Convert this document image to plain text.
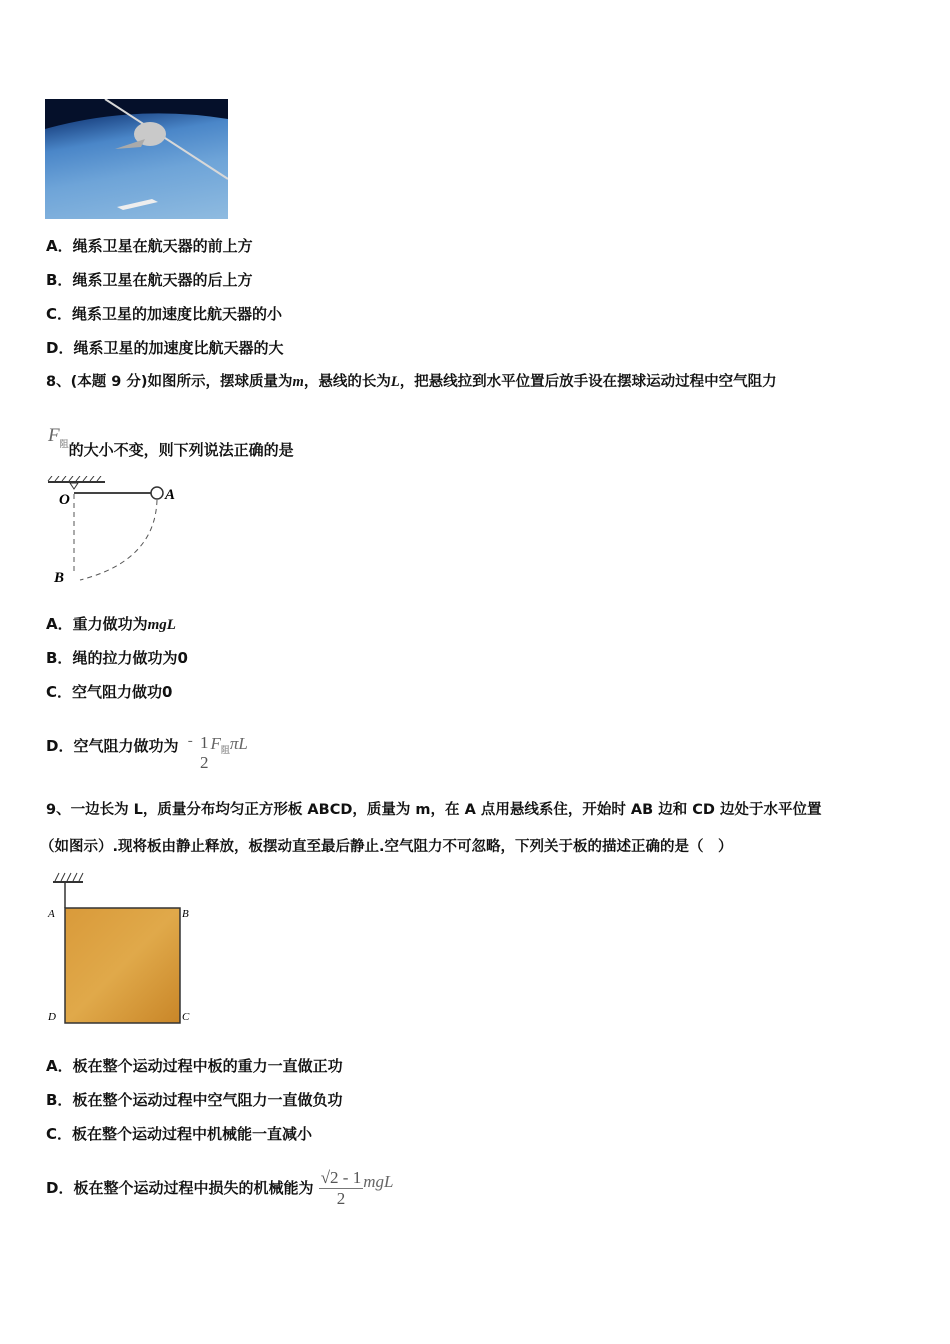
A．绳系卫星在航天器的前上方
B．绳系卫星在航天器的后上方
C．绳系卫星的加速度比航天器的小
D．绳系卫星的加速度比航天器的大
8、(本题 9 分)如图所示，摆球质量为m，悬线的长为L，把悬线拉到水平位置后放手设在摆球运动过程中空气阻力
F阻的大小不变，则下列说法正确的是
O	A
B
A．重力做功为mgL
B．绳的拉力做功为0
C．空气阻力做功0
D．空气阻力做功为 - 1
2
$F^阻\pi L$
9、一边长为 L，质量分布均匀正方形板 ABCD，质量为 m，在 A 点用悬线系住，开始时 AB 边和 CD 边处于水平位置
（如图示）.现将板由静止释放，板摆动直至最后静止.空气阻力不可忽略，下列关于板的描述正确的是（　）
A	B
D	C
A．板在整个运动过程中板的重力一直做正功
B．板在整个运动过程中空气阻力一直做负功
C．板在整个运动过程中机械能一直减小
D．板在整个运动过程中损失的机械能为 $\frac{√2 - 1}{2}$ mgL
